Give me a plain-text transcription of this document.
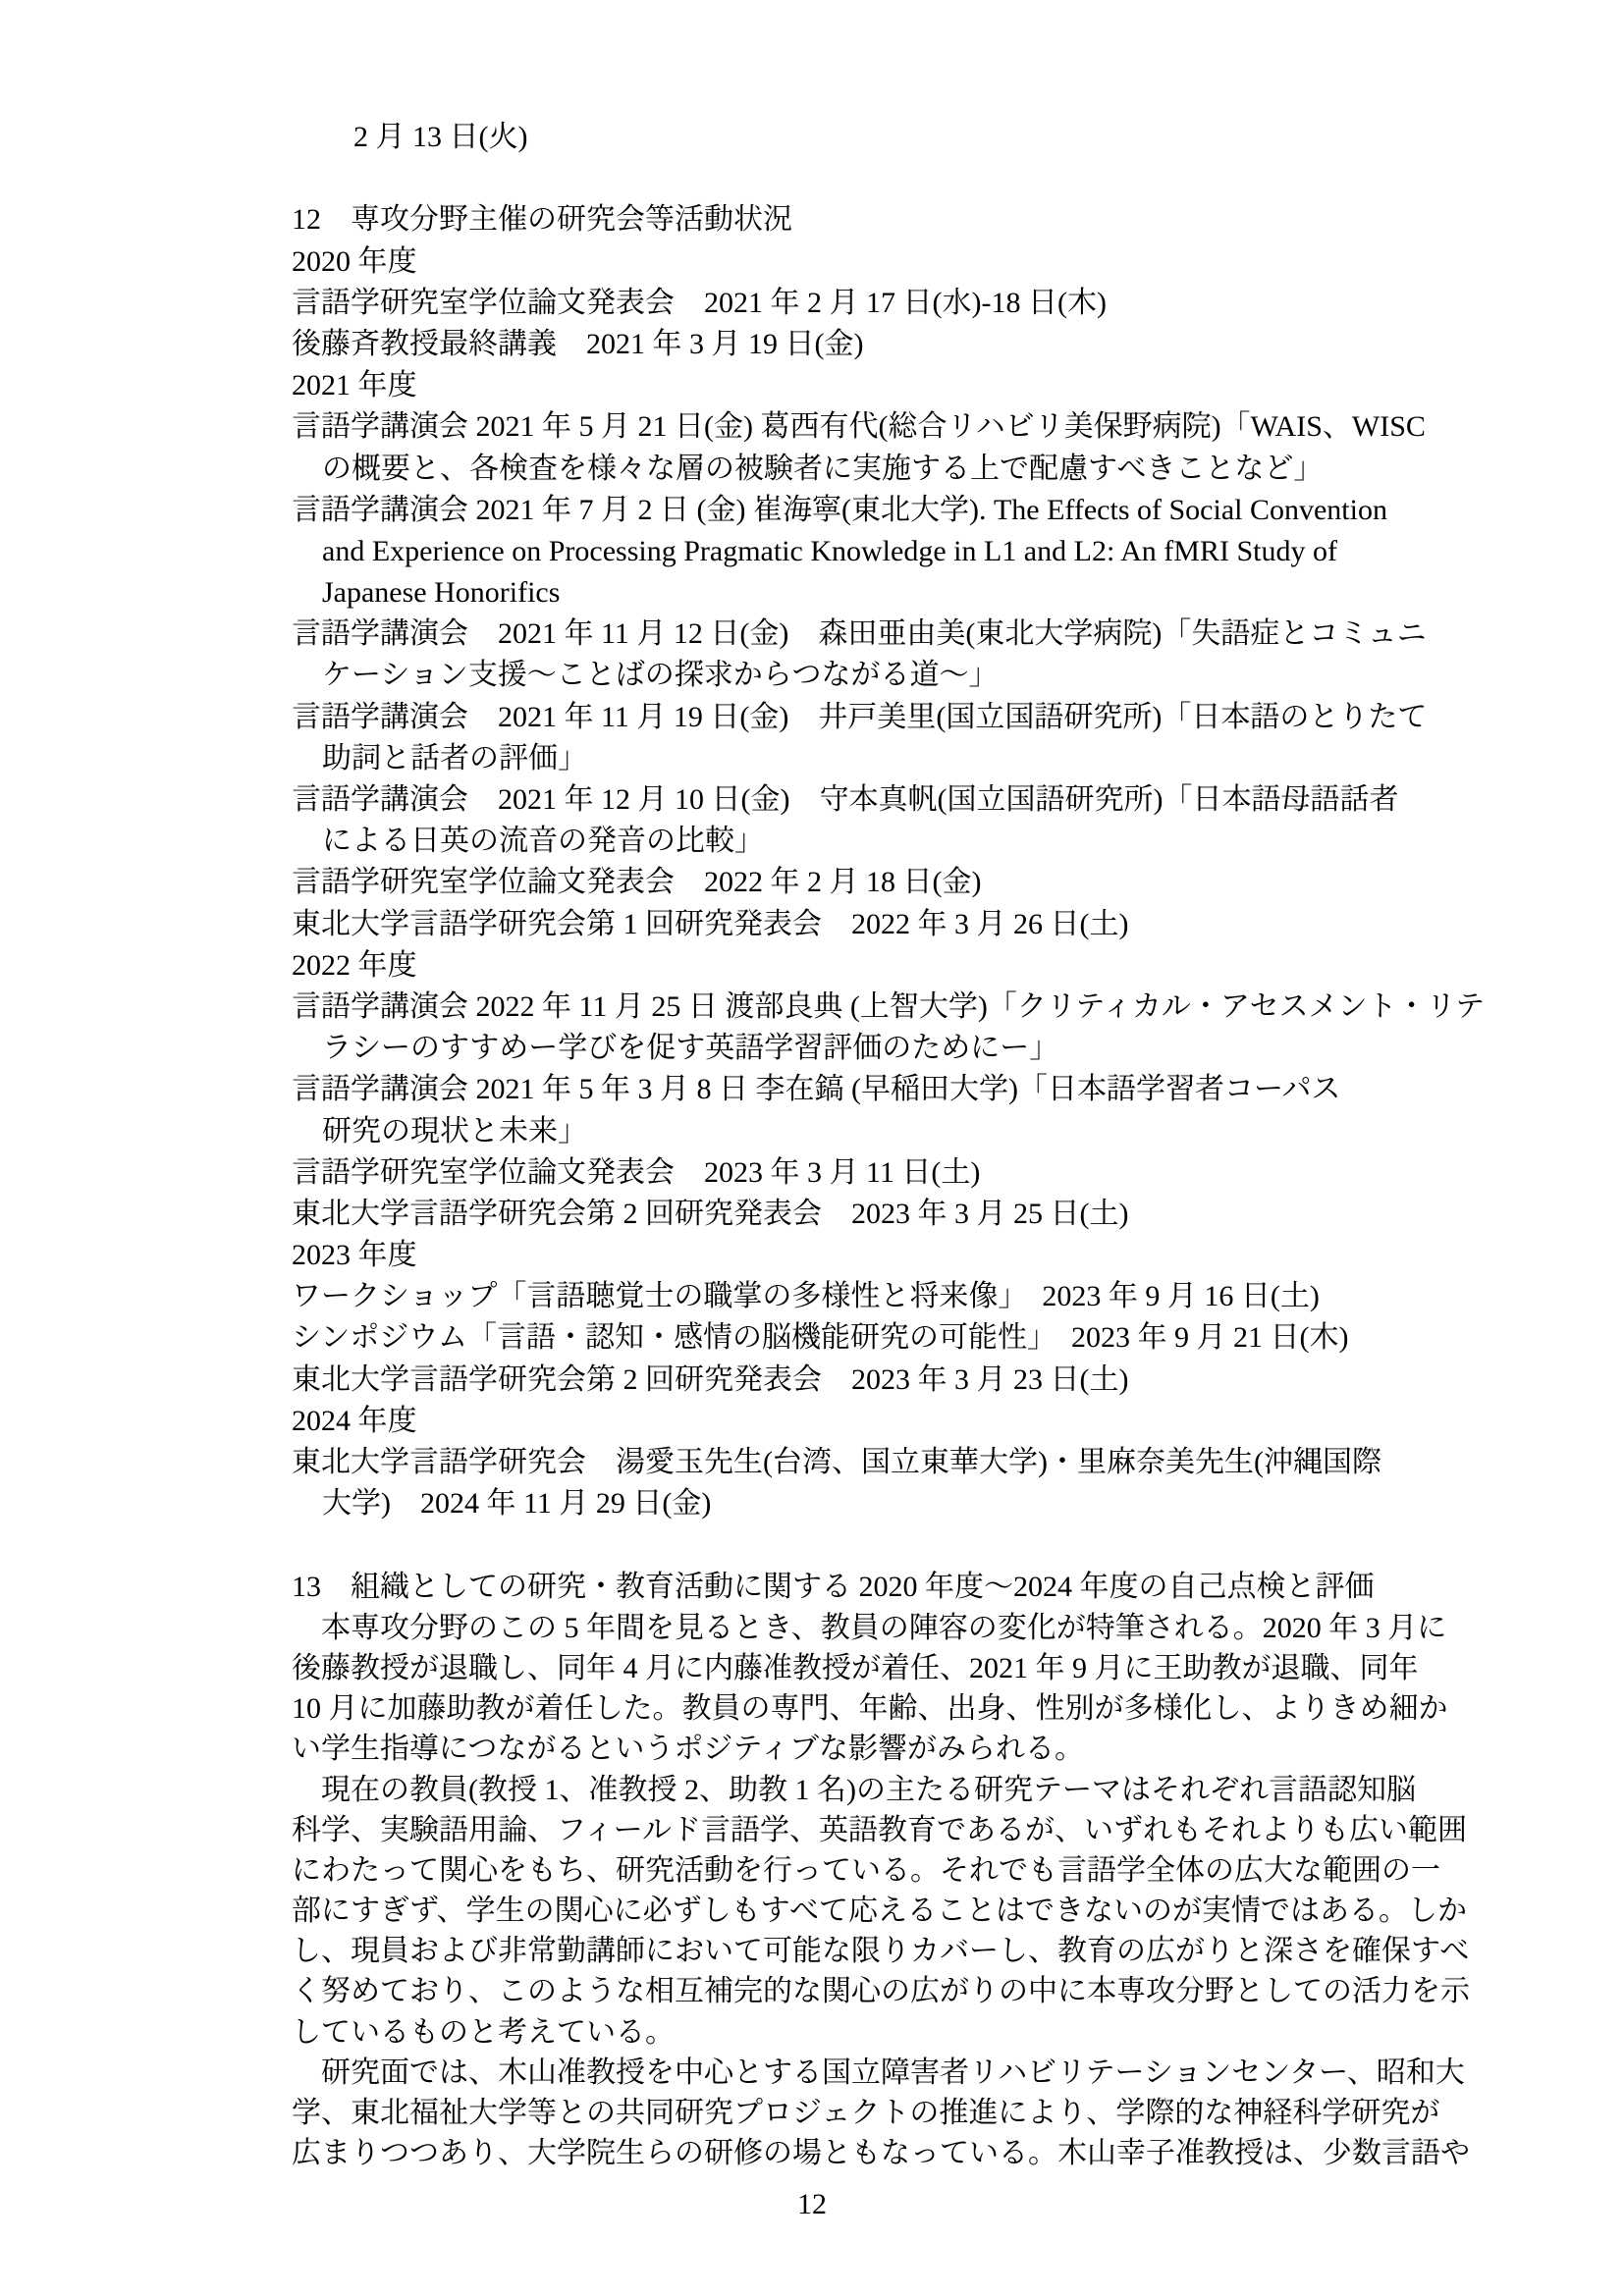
2 月 13 日(火)
12　専攻分野主催の研究会等活動状況
2020 年度
言語学研究室学位論文発表会　2021 年 2 月 17 日(水)-18 日(木)
後藤斉教授最終講義　2021 年 3 月 19 日(金)
2021 年度
言語学講演会 2021 年 5 月 21 日(金) 葛西有代(総合リハビリ美保野病院)「WAIS、WISC
の概要と、各検査を様々な層の被験者に実施する上で配慮すべきことなど」
言語学講演会 2021 年 7 月 2 日 (金) 崔海寧(東北大学). The Effects of Social Convention
and Experience on Processing Pragmatic Knowledge in L1 and L2: An fMRI Study of
Japanese Honorifics
言語学講演会　2021 年 11 月 12 日(金)　森田亜由美(東北大学病院)「失語症とコミュニ
ケーション支援〜ことばの探求からつながる道〜」
言語学講演会　2021 年 11 月 19 日(金)　井戸美里(国立国語研究所)「日本語のとりたて
助詞と話者の評価」
言語学講演会　2021 年 12 月 10 日(金)　守本真帆(国立国語研究所)「日本語母語話者
による日英の流音の発音の比較」
言語学研究室学位論文発表会　2022 年 2 月 18 日(金)
東北大学言語学研究会第 1 回研究発表会　2022 年 3 月 26 日(土)
2022 年度
言語学講演会 2022 年 11 月 25 日 渡部良典 (上智大学)「クリティカル・アセスメント・リテ
ラシーのすすめー学びを促す英語学習評価のためにー」
言語学講演会 2021 年 5 年 3 月 8 日 李在鎬 (早稲田大学)「日本語学習者コーパス
研究の現状と未来」
言語学研究室学位論文発表会　2023 年 3 月 11 日(土)
東北大学言語学研究会第 2 回研究発表会　2023 年 3 月 25 日(土)
2023 年度
ワークショップ「言語聴覚士の職掌の多様性と将来像」　2023 年 9 月 16 日(土)
シンポジウム「言語・認知・感情の脳機能研究の可能性」　2023 年 9 月 21 日(木)
東北大学言語学研究会第 2 回研究発表会　2023 年 3 月 23 日(土)
2024 年度
東北大学言語学研究会　湯愛玉先生(台湾、国立東華大学)・里麻奈美先生(沖縄国際
大学)　2024 年 11 月 29 日(金)
13　組織としての研究・教育活動に関する 2020 年度〜2024 年度の自己点検と評価
　本専攻分野のこの 5 年間を見るとき、教員の陣容の変化が特筆される。2020 年 3 月に
後藤教授が退職し、同年 4 月に内藤准教授が着任、2021 年 9 月に王助教が退職、同年
10 月に加藤助教が着任した。教員の専門、年齢、出身、性別が多様化し、よりきめ細か
い学生指導につながるというポジティブな影響がみられる。
　現在の教員(教授 1、准教授 2、助教 1 名)の主たる研究テーマはそれぞれ言語認知脳
科学、実験語用論、フィールド言語学、英語教育であるが、いずれもそれよりも広い範囲
にわたって関心をもち、研究活動を行っている。それでも言語学全体の広大な範囲の一
部にすぎず、学生の関心に必ずしもすべて応えることはできないのが実情ではある。しか
し、現員および非常勤講師において可能な限りカバーし、教育の広がりと深さを確保すべ
く努めており、このような相互補完的な関心の広がりの中に本専攻分野としての活力を示
しているものと考えている。
　研究面では、木山准教授を中心とする国立障害者リハビリテーションセンター、昭和大
学、東北福祉大学等との共同研究プロジェクトの推進により、学際的な神経科学研究が
広まりつつあり、大学院生らの研修の場ともなっている。木山幸子准教授は、少数言語や
12
